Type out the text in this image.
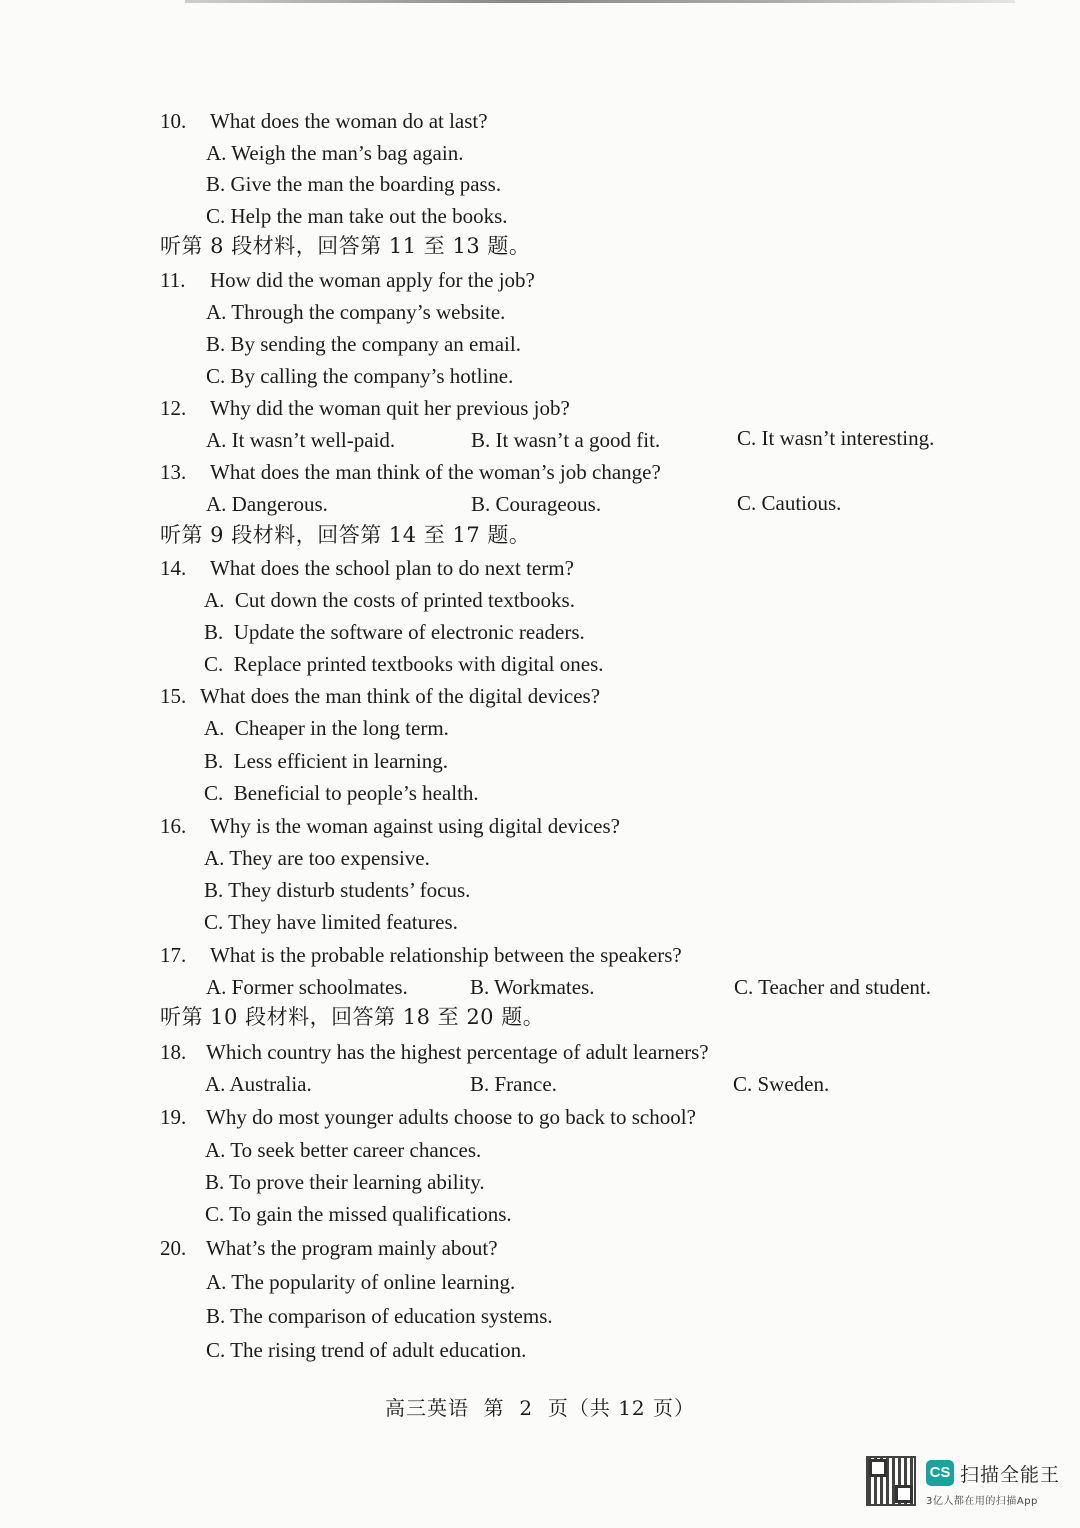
10. What does the woman do at last?
A. Weigh the man’s bag again.
B. Give the man the boarding pass.
C. Help the man take out the books.
听第 8 段材料，回答第 11 至 13 题。
11. How did the woman apply for the job?
A. Through the company’s website.
B. By sending the company an email.
C. By calling the company’s hotline.
12. Why did the woman quit her previous job?
A. It wasn’t well-paid.	B. It wasn’t a good fit.	C. It wasn’t interesting.
13. What does the man think of the woman’s job change?
A. Dangerous.	B. Courageous.	C. Cautious.
听第 9 段材料，回答第 14 至 17 题。
14. What does the school plan to do next term?
A.  Cut down the costs of printed textbooks.
B.  Update the software of electronic readers.
C.  Replace printed textbooks with digital ones.
15. What does the man think of the digital devices?
A.  Cheaper in the long term.
B.  Less efficient in learning.
C.  Beneficial to people’s health.
16. Why is the woman against using digital devices?
A. They are too expensive.
B. They disturb students’ focus.
C. They have limited features.
17. What is the probable relationship between the speakers?
A. Former schoolmates.	B. Workmates.	C. Teacher and student.
听第 10 段材料，回答第 18 至 20 题。
18. Which country has the highest percentage of adult learners?
A. Australia.	B. France.	C. Sweden.
19. Why do most younger adults choose to go back to school?
A. To seek better career chances.
B. To prove their learning ability.
C. To gain the missed qualifications.
20. What’s the program mainly about?
A. The popularity of online learning.
B. The comparison of education systems.
C. The rising trend of adult education.
高三英语  第  2  页（共 12 页）
CS 扫描全能王
3亿人都在用的扫描App
